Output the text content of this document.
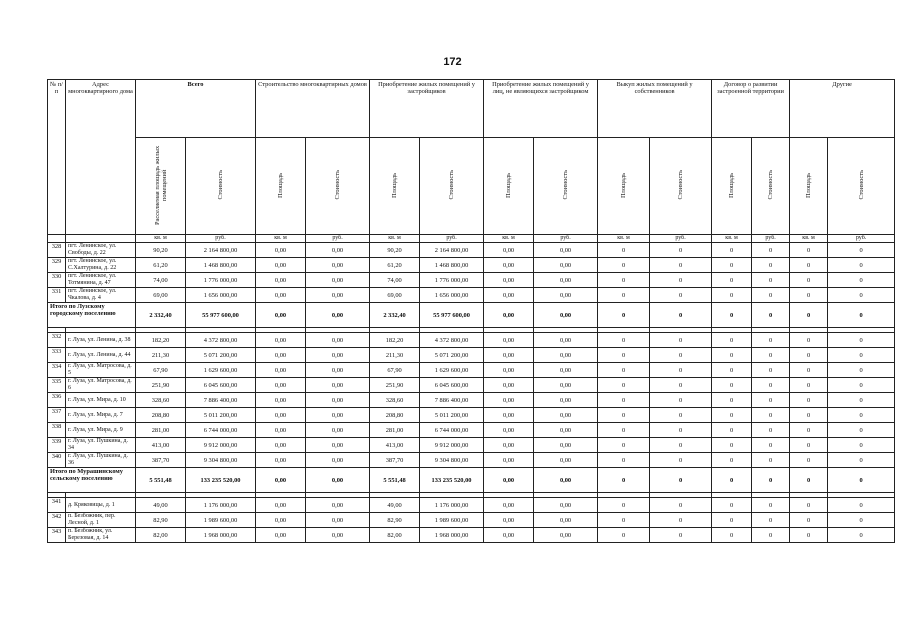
172
№ п/п	Адрес многоквартирного дома	Всего		Строительство многоквартирных домов		Приобретение жилых помещений у застройщиков		Приобретение жилых помещений у лиц, не являющихся застройщиком		Выкуп жилых помещений у собственников		Договор о развитии застроенной территории		Другие	
		Расселяемая площадь жилых помещений	Стоимость	Площадь	Стоимость	Площадь	Стоимость	Площадь	Стоимость	Площадь	Стоимость	Площадь	Стоимость	Площадь	Стоимость
		кв. м	руб.	кв. м	руб.	кв. м	руб.	кв. м	руб.	кв. м	руб.	кв. м	руб.	кв. м	руб.
328	пгт. Ленинское, ул. Свободы, д. 22	90,20	2 164 800,00	0,00	0,00	90,20	2 164 800,00	0,00	0,00	0	0	0	0	0	0
329	пгт. Ленинское, ул. С.Халтурина, д. 22	61,20	1 468 800,00	0,00	0,00	61,20	1 468 800,00	0,00	0,00	0	0	0	0	0	0
330	пгт. Ленинское, ул. Тотмянина, д. 47	74,00	1 776 000,00	0,00	0,00	74,00	1 776 000,00	0,00	0,00	0	0	0	0	0	0
331	пгт. Ленинское, ул. Чкалова, д. 4	69,00	1 656 000,00	0,00	0,00	69,00	1 656 000,00	0,00	0,00	0	0	0	0	0	0
Итого по Лузскому городскому поселению		2 332,40	55 977 600,00	0,00	0,00	2 332,40	55 977 600,00	0,00	0,00	0	0	0	0	0	0

332	г. Луза, ул. Ленина, д. 38	182,20	4 372 800,00	0,00	0,00	182,20	4 372 800,00	0,00	0,00	0	0	0	0	0	0
333	г. Луза, ул. Ленина, д. 44	211,30	5 071 200,00	0,00	0,00	211,30	5 071 200,00	0,00	0,00	0	0	0	0	0	0
334	г. Луза, ул. Матросова, д. 5	67,90	1 629 600,00	0,00	0,00	67,90	1 629 600,00	0,00	0,00	0	0	0	0	0	0
335	г. Луза, ул. Матросова, д. 6	251,90	6 045 600,00	0,00	0,00	251,90	6 045 600,00	0,00	0,00	0	0	0	0	0	0
336	г. Луза, ул. Мира, д. 10	328,60	7 886 400,00	0,00	0,00	328,60	7 886 400,00	0,00	0,00	0	0	0	0	0	0
337	г. Луза, ул. Мира, д. 7	208,80	5 011 200,00	0,00	0,00	208,80	5 011 200,00	0,00	0,00	0	0	0	0	0	0
338	г. Луза, ул. Мира, д. 9	281,00	6 744 000,00	0,00	0,00	281,00	6 744 000,00	0,00	0,00	0	0	0	0	0	0
339	г. Луза, ул. Пушкина, д. 34	413,00	9 912 000,00	0,00	0,00	413,00	9 912 000,00	0,00	0,00	0	0	0	0	0	0
340	г. Луза, ул. Пушкина, д. 36	387,70	9 304 800,00	0,00	0,00	387,70	9 304 800,00	0,00	0,00	0	0	0	0	0	0
Итого по Мурашинскому сельскому поселению		5 551,48	133 235 520,00	0,00	0,00	5 551,48	133 235 520,00	0,00	0,00	0	0	0	0	0	0

341	д. Кряковицы, д. 1	49,00	1 176 000,00	0,00	0,00	49,00	1 176 000,00	0,00	0,00	0	0	0	0	0	0
342	п. Безбожник, пер. Лесной, д. 1	82,90	1 989 600,00	0,00	0,00	82,90	1 989 600,00	0,00	0,00	0	0	0	0	0	0
343	п. Безбожник, ул. Березовая, д. 14	82,00	1 968 000,00	0,00	0,00	82,00	1 968 000,00	0,00	0,00	0	0	0	0	0	0
